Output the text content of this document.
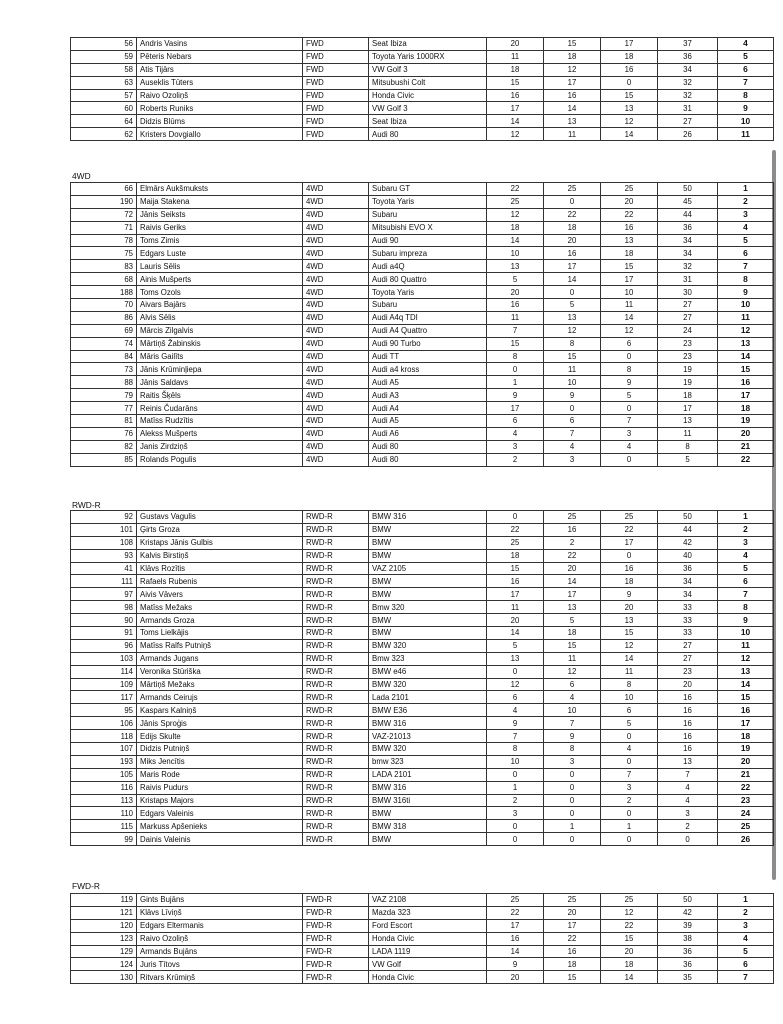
4WD
RWD-R
FWD-R
56	Andris Vasins	FWD	Seat Ibiza	20	15	17	37	4
59	Pēteris Nebars	FWD	Toyota Yaris 1000RX	11	18	18	36	5
58	Atis Tijārs	FWD	VW Golf 3	18	12	16	34	6
63	Auseklis Tūters	FWD	Mitsubushi Colt	15	17	0	32	7
57	Raivo Ozoliņš	FWD	Honda Civic	16	16	15	32	8
60	Roberts Runiks	FWD	VW Golf 3	17	14	13	31	9
64	Didzis Blūms	FWD	Seat Ibiza	14	13	12	27	10
62	Kristers Dovgiallo	FWD	Audi 80	12	11	14	26	11
66	Elmārs Aukšmuksts	4WD	Subaru GT	22	25	25	50	1
190	Maija Stakena	4WD	Toyota Yaris	25	0	20	45	2
72	Jānis Seiksts	4WD	Subaru	12	22	22	44	3
71	Raivis Geriks	4WD	Mitsubishi EVO X	18	18	16	36	4
78	Toms Zimis	4WD	Audi 90	14	20	13	34	5
75	Edgars Luste	4WD	Subaru impreza	10	16	18	34	6
83	Lauris Sēlis	4WD	Audi a4Q	13	17	15	32	7
68	Ainis Mušperts	4WD	Audi 80 Quattro	5	14	17	31	8
188	Toms Ozols	4WD	Toyota Yaris	20	0	10	30	9
70	Aivars Bajārs	4WD	Subaru	16	5	11	27	10
86	Alvis Sēlis	4WD	Audi A4q TDI	11	13	14	27	11
69	Mārcis Zilgalvis	4WD	Audi A4 Quattro	7	12	12	24	12
74	Mārtiņš Žabinskis	4WD	Audi 90 Turbo	15	8	6	23	13
84	Māris Gailīts	4WD	Audi TT	8	15	0	23	14
73	Jānis Krūminļiepa	4WD	Audi a4 kross	0	11	8	19	15
88	Jānis Saldavs	4WD	Audi A5	1	10	9	19	16
79	Raitis Šķēls	4WD	Audi A3	9	9	5	18	17
77	Reinis Čudarāns	4WD	Audi A4	17	0	0	17	18
81	Matīss Rudzītis	4WD	Audi A5	6	6	7	13	19
76	Alekss Mušperts	4WD	Audi A6	4	7	3	11	20
82	Janis Zirdziņš	4WD	Audi 80	3	4	4	8	21
85	Rolands Pogulis	4WD	Audi 80	2	3	0	5	22
92	Gustavs Vagulis	RWD-R	BMW 316	0	25	25	50	1
101	Ģirts Groza	RWD-R	BMW	22	16	22	44	2
108	Kristaps Jānis Gulbis	RWD-R	BMW	25	2	17	42	3
93	Kalvis Birstiņš	RWD-R	BMW	18	22	0	40	4
41	Klāvs Rozītis	RWD-R	VAZ 2105	15	20	16	36	5
111	Rafaels Rubenis	RWD-R	BMW	16	14	18	34	6
97	Aivis Vāvers	RWD-R	BMW	17	17	9	34	7
98	Matīss Mežaks	RWD-R	Bmw 320	11	13	20	33	8
90	Armands Groza	RWD-R	BMW	20	5	13	33	9
91	Toms Lielkājis	RWD-R	BMW	14	18	15	33	10
96	Matīss Ralfs Putniņš	RWD-R	BMW 320	5	15	12	27	11
103	Armands Jugans	RWD-R	Bmw 323	13	11	14	27	12
114	Veronika Stūriška	RWD-R	BMW e46	0	12	11	23	13
109	Mārtiņš Mežaks	RWD-R	BMW 320	12	6	8	20	14
117	Armands Ceirujs	RWD-R	Lada 2101	6	4	10	16	15
95	Kaspars Kalniņš	RWD-R	BMW E36	4	10	6	16	16
106	Jānis Sproģis	RWD-R	BMW 316	9	7	5	16	17
118	Edijs Skulte	RWD-R	VAZ-21013	7	9	0	16	18
107	Didzis Putniņš	RWD-R	BMW 320	8	8	4	16	19
193	Miks Jencītis	RWD-R	bmw 323	10	3	0	13	20
105	Maris Rode	RWD-R	LADA 2101	0	0	7	7	21
116	Raivis Pudurs	RWD-R	BMW 316	1	0	3	4	22
113	Kristaps Majors	RWD-R	BMW 316ti	2	0	2	4	23
110	Edgars Valeinis	RWD-R	BMW	3	0	0	3	24
115	Markuss Apšenieks	RWD-R	BMW 318	0	1	1	2	25
99	Dainis Valeinis	RWD-R	BMW	0	0	0	0	26
119	Gints Bujāns	FWD-R	VAZ 2108	25	25	25	50	1
121	Klāvs Līviņš	FWD-R	Mazda 323	22	20	12	42	2
120	Edgars Eltermanis	FWD-R	Ford Escort	17	17	22	39	3
123	Raivo Ozoliņš	FWD-R	Honda Civic	16	22	15	38	4
129	Armands Bujāns	FWD-R	LADA 1119	14	16	20	36	5
124	Juris Tītovs	FWD-R	VW Golf	9	18	18	36	6
130	Ritvars Krūmiņš	FWD-R	Honda Civic	20	15	14	35	7
